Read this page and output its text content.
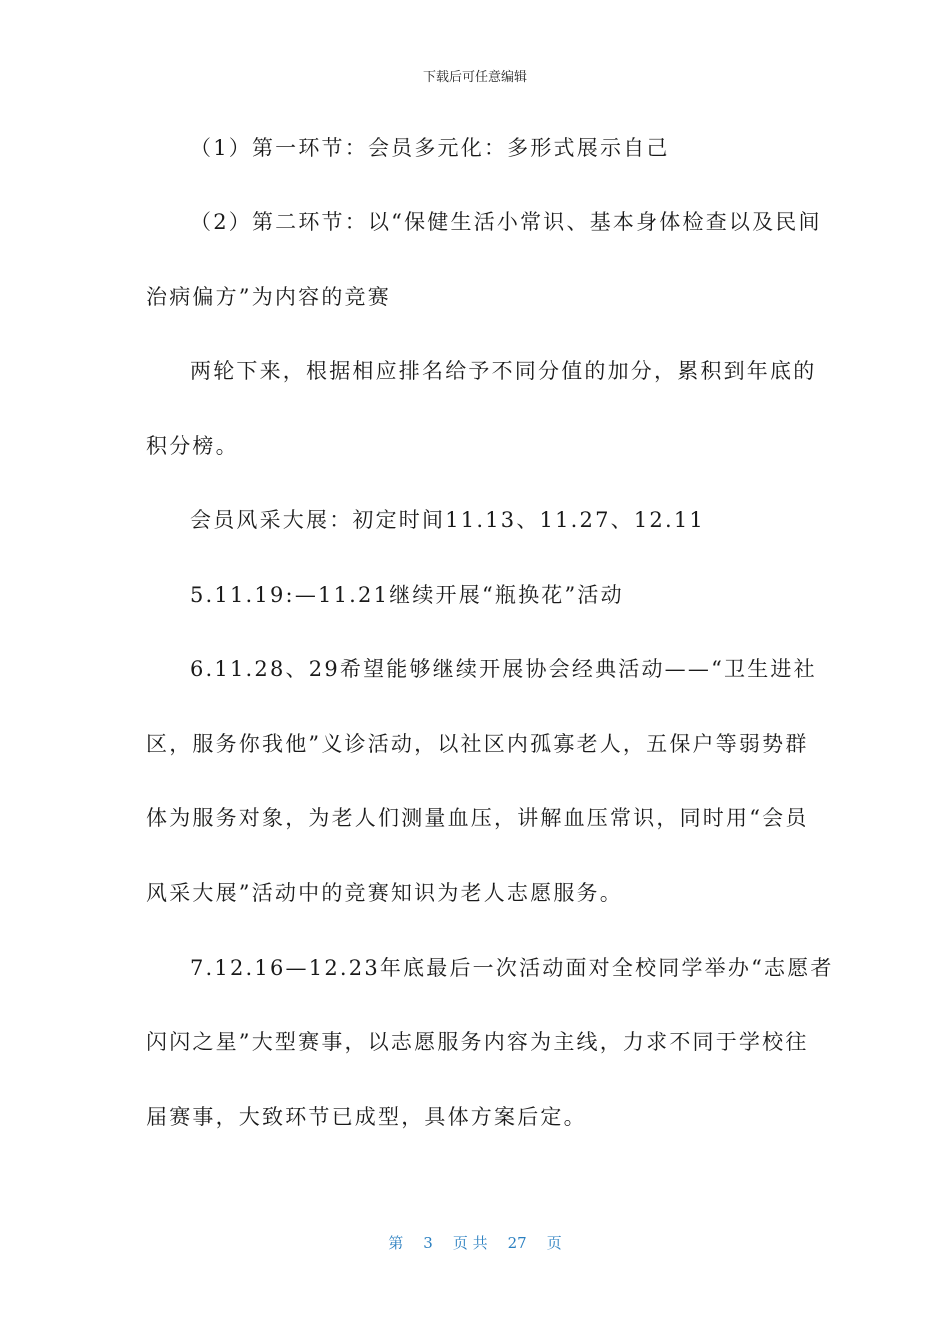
下载后可任意编辑
（1）第一环节：会员多元化：多形式展示自己
（2）第二环节：以“保健生活小常识、基本身体检查以及民间
治病偏方”为内容的竞赛
两轮下来，根据相应排名给予不同分值的加分，累积到年底的
积分榜。
会员风采大展：初定时间11.13、11.27、12.11
5.11.19:—11.21继续开展“瓶换花”活动
6.11.28、29希望能够继续开展协会经典活动——“卫生进社
区，服务你我他”义诊活动，以社区内孤寡老人，五保户等弱势群
体为服务对象，为老人们测量血压，讲解血压常识，同时用“会员
风采大展”活动中的竞赛知识为老人志愿服务。
7.12.16—12.23年底最后一次活动面对全校同学举办“志愿者
闪闪之星”大型赛事，以志愿服务内容为主线，力求不同于学校往
届赛事，大致环节已成型，具体方案后定。
第 3 页 共 27 页
